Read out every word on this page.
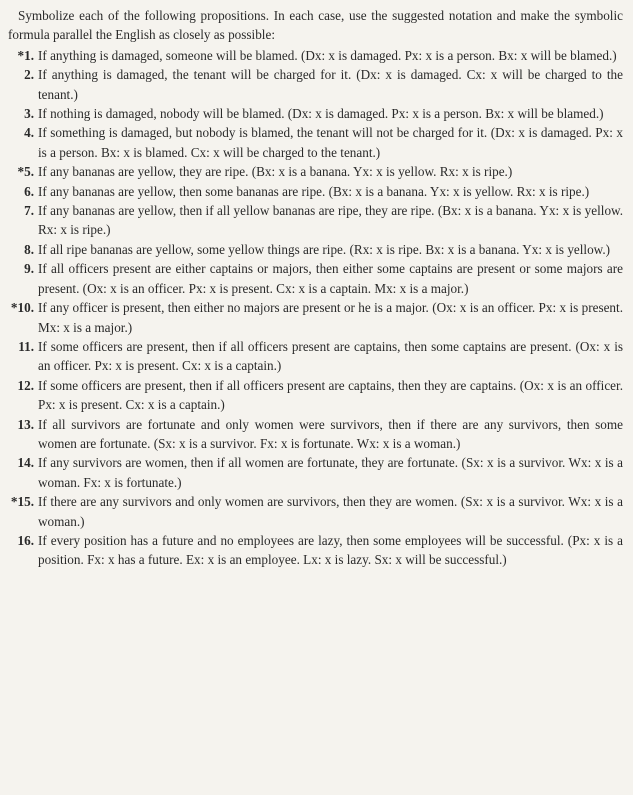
Symbolize each of the following propositions. In each case, use the suggested notation and make the symbolic formula parallel the English as closely as possible:

*1. If anything is damaged, someone will be blamed. (Dx: x is damaged. Px: x is a person. Bx: x will be blamed.)

2. If anything is damaged, the tenant will be charged for it. (Dx: x is damaged. Cx: x will be charged to the tenant.)

3. If nothing is damaged, nobody will be blamed. (Dx: x is damaged. Px: x is a person. Bx: x will be blamed.)

4. If something is damaged, but nobody is blamed, the tenant will not be charged for it. (Dx: x is damaged. Px: x is a person. Bx: x is blamed. Cx: x will be charged to the tenant.)

*5. If any bananas are yellow, they are ripe. (Bx: x is a banana. Yx: x is yellow. Rx: x is ripe.)

6. If any bananas are yellow, then some bananas are ripe. (Bx: x is a banana. Yx: x is yellow. Rx: x is ripe.)

7. If any bananas are yellow, then if all yellow bananas are ripe, they are ripe. (Bx: x is a banana. Yx: x is yellow. Rx: x is ripe.)

8. If all ripe bananas are yellow, some yellow things are ripe. (Rx: x is ripe. Bx: x is a banana. Yx: x is yellow.)

9. If all officers present are either captains or majors, then either some captains are present or some majors are present. (Ox: x is an officer. Px: x is present. Cx: x is a captain. Mx: x is a major.)

*10. If any officer is present, then either no majors are present or he is a major. (Ox: x is an officer. Px: x is present. Mx: x is a major.)

11. If some officers are present, then if all officers present are captains, then some captains are present. (Ox: x is an officer. Px: x is present. Cx: x is a captain.)

12. If some officers are present, then if all officers present are captains, then they are captains. (Ox: x is an officer. Px: x is present. Cx: x is a captain.)

13. If all survivors are fortunate and only women were survivors, then if there are any survivors, then some women are fortunate. (Sx: x is a survivor. Fx: x is fortunate. Wx: x is a woman.)

14. If any survivors are women, then if all women are fortunate, they are fortunate. (Sx: x is a survivor. Wx: x is a woman. Fx: x is fortunate.)

*15. If there are any survivors and only women are survivors, then they are women. (Sx: x is a survivor. Wx: x is a woman.)

16. If every position has a future and no employees are lazy, then some employees will be successful. (Px: x is a position. Fx: x has a future. Ex: x is an employee. Lx: x is lazy. Sx: x will be successful.)
